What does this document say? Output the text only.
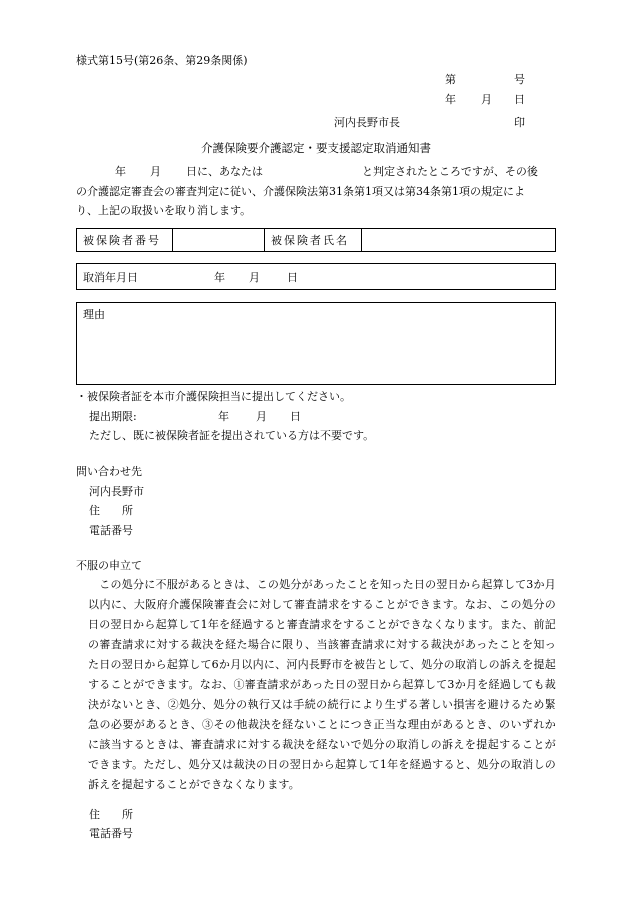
様式第15号(第26条、第29条関係)
第	号
年 月 日
河内長野市長	印
介護保険要介護認定・要支援認定取消通知書
年 月 日に、あなたは	と判定されたところですが、その後
の介護認定審査会の審査判定に従い、介護保険法第31条第1項又は第34条第1項の規定によ
り、上記の取扱いを取り消します。
被保険者番号	被保険者氏名
取消年月日	年 月 日
理由
・被保険者証を本市介護保険担当に提出してください。
提出期限:	年 月 日
ただし、既に被保険者証を提出されている方は不要です。
問い合わせ先
河内長野市
住　　所
電話番号
不服の申立て
　この処分に不服があるときは、この処分があったことを知った日の翌日から起算して3か月以内に、大阪府介護保険審査会に対して審査請求をすることができます。なお、この処分の日の翌日から起算して1年を経過すると審査請求をすることができなくなります。また、前記の審査請求に対する裁決を経た場合に限り、当該審査請求に対する裁決があったことを知った日の翌日から起算して6か月以内に、河内長野市を被告として、処分の取消しの訴えを提起することができます。なお、①審査請求があった日の翌日から起算して3か月を経過しても裁決がないとき、②処分、処分の執行又は手続の続行により生ずる著しい損害を避けるため緊急の必要があるとき、③その他裁決を経ないことにつき正当な理由があるとき、のいずれかに該当するときは、審査請求に対する裁決を経ないで処分の取消しの訴えを提起することができます。ただし、処分又は裁決の日の翌日から起算して1年を経過すると、処分の取消しの訴えを提起することができなくなります。
住　　所
電話番号
